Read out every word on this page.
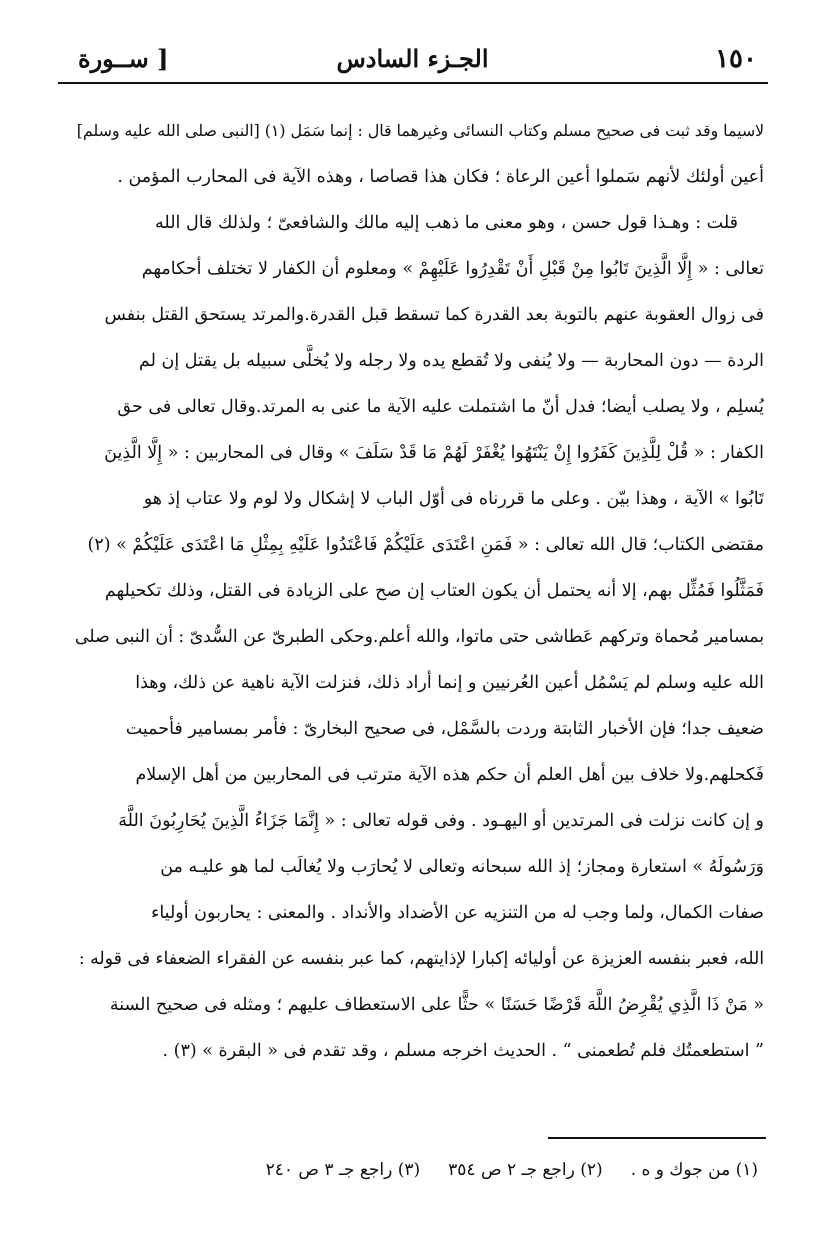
١٥٠
الجـزء السادس
[ ســورة
لاسيما وقد ثبت فى صحيح مسلم وكتاب النسائى وغيرهما قال : إنما سَمَل (١) [النبى صلى الله عليه وسلم]
أعين أولئك لأنهم سَملوا أعين الرعاة ؛ فكان هذا قصاصا ، وهذه الآية فى المحارب المؤمن .
قلت : وهـذا قول حسن ، وهو معنى ما ذهب إليه مالك والشافعىّ ؛ ولذلك قال الله
تعالى : « إِلَّا الَّذِينَ تَابُوا مِنْ قَبْلِ أَنْ تَقْدِرُوا عَلَيْهِمْ » ومعلوم أن الكفار لا تختلف أحكامهم
فى زوال العقوبة عنهم بالتوبة بعد القدرة كما تسقط قبل القدرة.والمرتد يستحق القتل بنفس
الردة — دون المحاربة — ولا يُنفى ولا تُقطع يده ولا رجله ولا يُخلَّى سبيله بل يقتل إن لم
يُسلِم ، ولا يصلب أيضا؛ فدل أنّ ما اشتملت عليه الآية ما عنى به المرتد.وقال تعالى فى حق
الكفار : « قُلْ لِلَّذِينَ كَفَرُوا إِنْ يَنْتَهُوا يُغْفَرْ لَهُمْ مَا قَدْ سَلَفَ » وقال فى المحاربين : « إِلَّا الَّذِينَ
تَابُوا » الآية ، وهذا بيّن . وعلى ما قررناه فى أوّل الباب لا إشكال ولا لوم ولا عتاب إذ هو
مقتضى الكتاب؛ قال الله تعالى : « فَمَنِ اعْتَدَى عَلَيْكُمْ فَاعْتَدُوا عَلَيْهِ بِمِثْلِ مَا اعْتَدَى عَلَيْكُمْ » (٢)
فَمَثَّلُوا فَمُثِّل بهم، إلا أنه يحتمل أن يكون العتاب إن صح على الزيادة فى القتل، وذلك تكحيلهم
بمسامير مُحماة وتركهم عَطاشى حتى ماتوا، والله أعلم.وحكى الطبرىّ عن السُّدىّ : أن النبى صلى
الله عليه وسلم لم يَسْمُل أعين العُرنيين و إنما أراد ذلك، فنزلت الآية ناهية عن ذلك، وهذا
ضعيف جدا؛ فإن الأخبار الثابتة وردت بالسَّمْل، فى صحيح البخارىّ : فأمر بمسامير فأحميت
فَكحلهم.ولا خلاف بين أهل العلم أن حكم هذه الآية مترتب فى المحاربين من أهل الإسلام
و إن كانت نزلت فى المرتدين أو اليهـود . وفى قوله تعالى : « إِنَّمَا جَزَاءُ الَّذِينَ يُحَارِبُونَ اللَّهَ
وَرَسُولَهُ » استعارة ومجاز؛ إذ الله سبحانه وتعالى لا يُحارَب ولا يُغالَب لما هو عليـه من
صفات الكمال، ولما وجب له من التنزيه عن الأضداد والأنداد . والمعنى : يحاربون أولياء
الله، فعبر بنفسه العزيزة عن أوليائه إكبارا لإذايتهم، كما عبر بنفسه عن الفقراء الضعفاء فى قوله :
« مَنْ ذَا الَّذِي يُقْرِضُ اللَّهَ قَرْضًا حَسَنًا » حثًّا على الاستعطاف عليهم ؛ ومثله فى صحيح السنة
” استطعمتُك فلم تُطعمنى “ . الحديث اخرجه مسلم ، وقد تقدم فى « البقرة » (٣) .
(١) من جوك و ه .
(٢) راجع جـ ٢ ص ٣٥٤
(٣) راجع جـ ٣ ص ٢٤٠
